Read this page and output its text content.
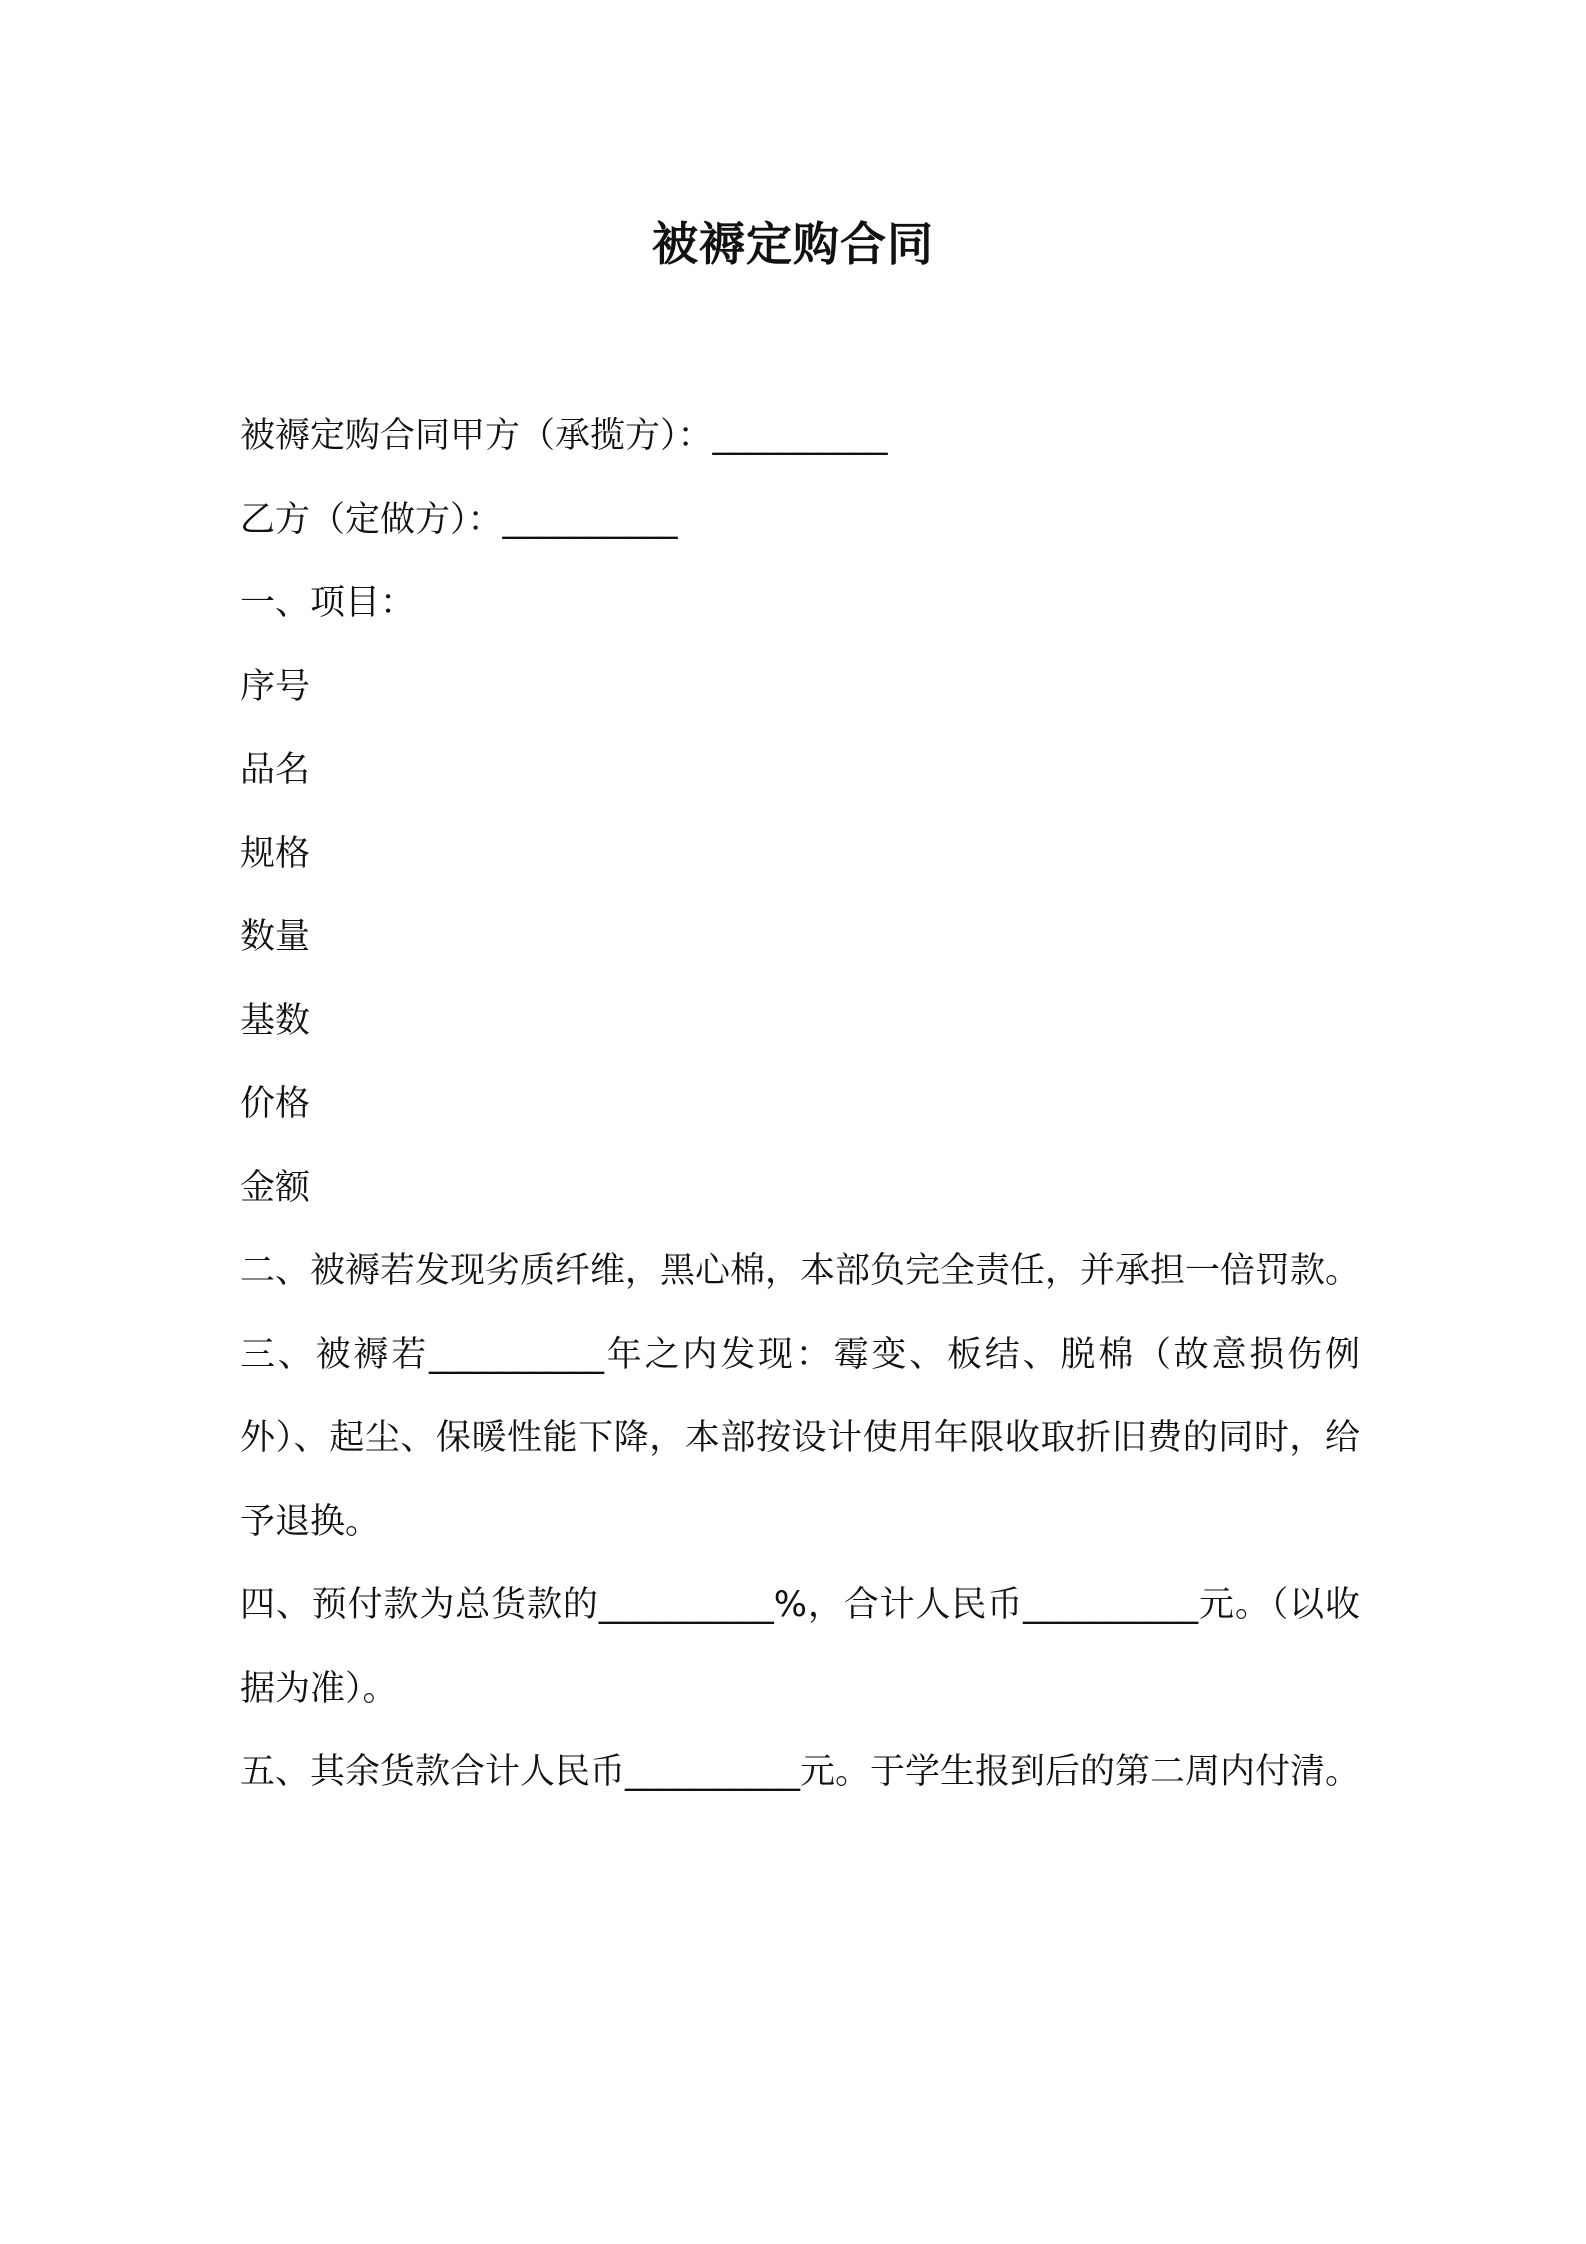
被褥定购合同

被褥定购合同甲方（承揽方）：__________

乙方（定做方）：__________

一、项目：

序号

品名

规格

数量

基数

价格

金额

二、被褥若发现劣质纤维，黑心棉，本部负完全责任，并承担一倍罚款。

三、被褥若__________年之内发现：霉变、板结、脱棉（故意损伤例外）、起尘、保暖性能下降，本部按设计使用年限收取折旧费的同时，给予退换。

四、预付款为总货款的__________%，合计人民币__________元。（以收据为准）。

五、其余货款合计人民币__________元。于学生报到后的第二周内付清。
